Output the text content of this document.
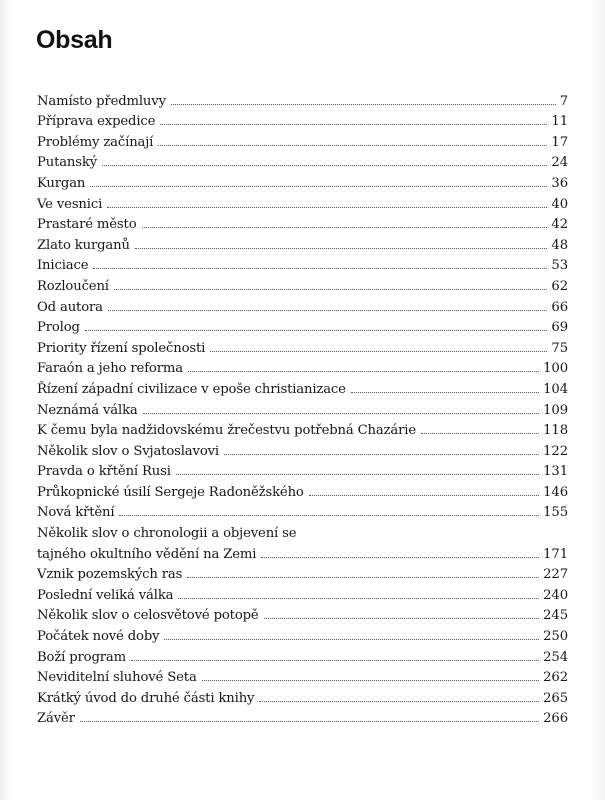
Obsah
Namísto předmluvy	7
Příprava expedice	11
Problémy začínají	17
Putanský	24
Kurgan	36
Ve vesnici	40
Prastaré město	42
Zlato kurganů	48
Iniciace	53
Rozloučení	62
Od autora	66
Prolog	69
Priority řízení společnosti	75
Faraón a jeho reforma	100
Řízení západní civilizace v epoše christianizace	104
Neznámá válka	109
K čemu byla nadžidovskému žrečestvu potřebná Chazárie	118
Několik slov o Svjatoslavovi	122
Pravda o křtění Rusi	131
Průkopnické úsilí Sergeje Radoněžského	146
Nová křtění	155
Několik slov o chronologii a objevení se
tajného okultního vědění na Zemi	171
Vznik pozemských ras	227
Poslední veliká válka	240
Několik slov o celosvětové potopě	245
Počátek nové doby	250
Boží program	254
Neviditelní sluhové Seta	262
Krátký úvod do druhé části knihy	265
Závěr	266
